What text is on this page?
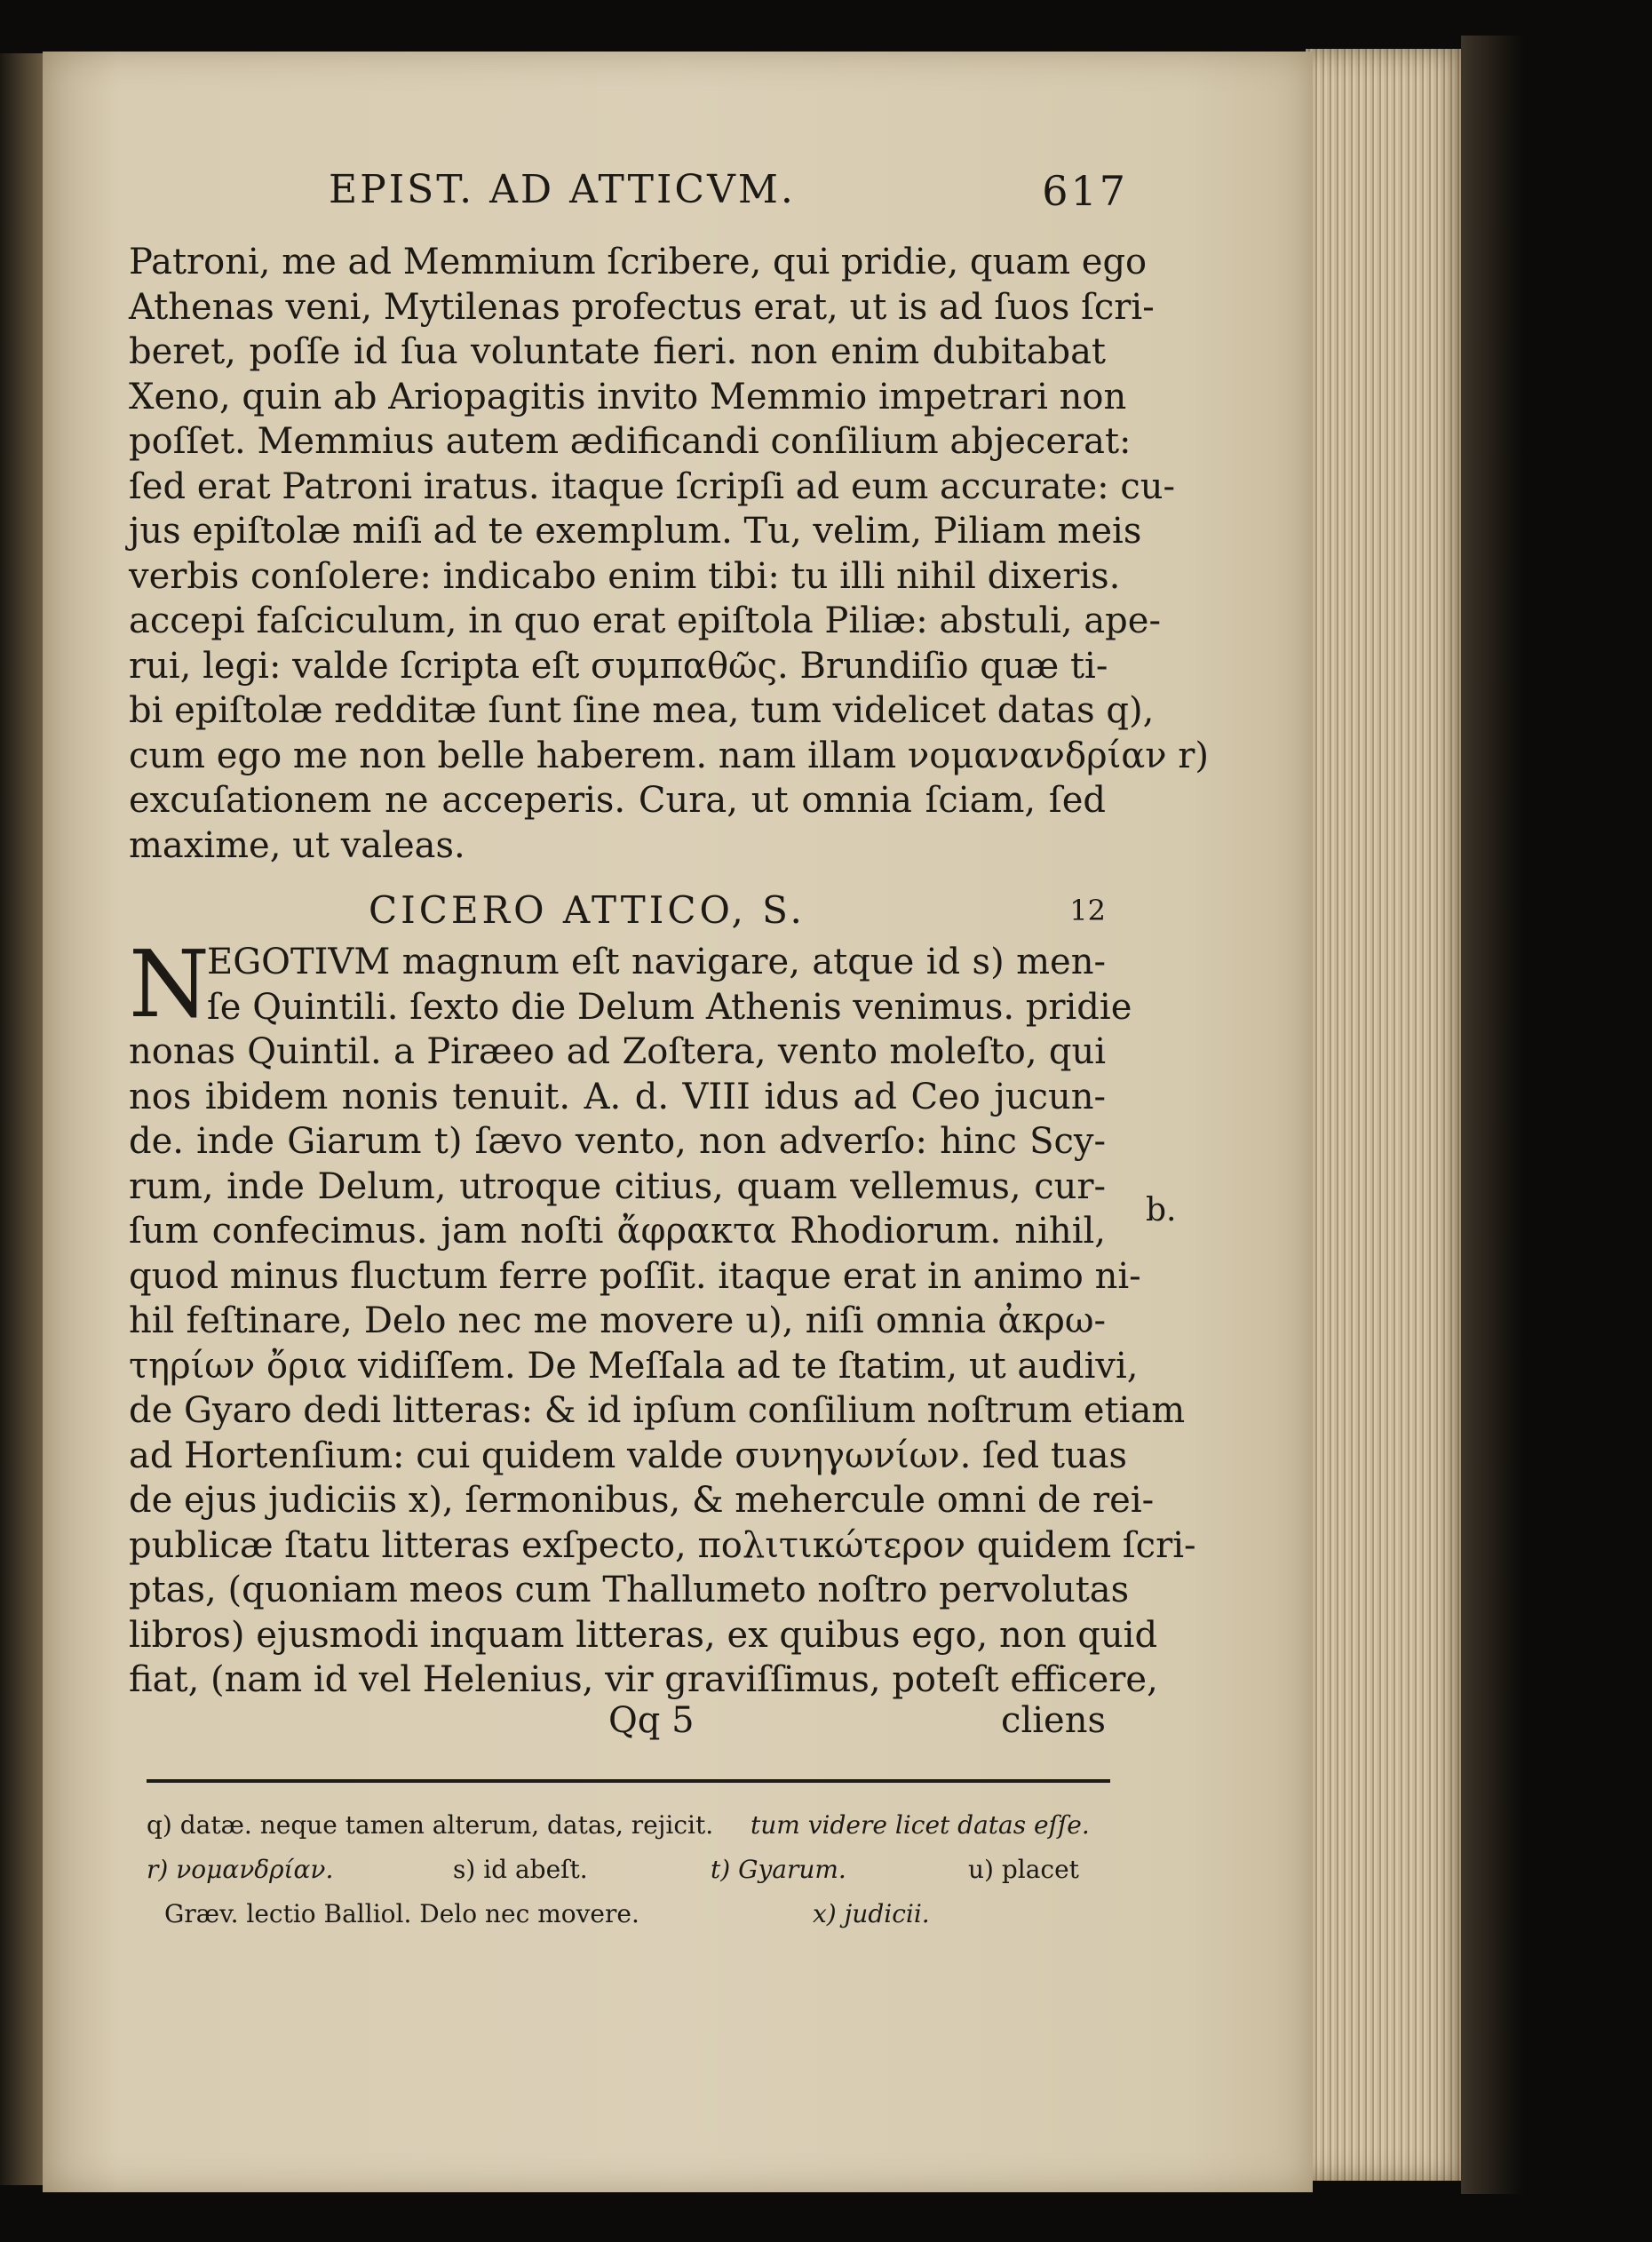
EPIST. AD ATTICVM.	617
Patroni, me ad Memmium ſcribere, qui pridie, quam ego
Athenas veni, Mytilenas profectus erat, ut is ad ſuos ſcri-
beret, poſſe id ſua voluntate fieri. non enim dubitabat
Xeno, quin ab Ariopagitis invito Memmio impetrari non
poſſet. Memmius autem ædificandi conſilium abjecerat:
ſed erat Patroni iratus. itaque ſcripſi ad eum accurate: cu-
jus epiſtolæ miſi ad te exemplum. Tu, velim, Piliam meis
verbis conſolere: indicabo enim tibi: tu illi nihil dixeris.
accepi faſciculum, in quo erat epiſtola Piliæ: abstuli, ape-
rui, legi: valde ſcripta eſt συμπαθῶς. Brundiſio quæ ti-
bi epiſtolæ redditæ ſunt ſine mea, tum videlicet datas q),
cum ego me non belle haberem. nam illam νομανανδρίαν r)
excuſationem ne acceperis. Cura, ut omnia ſciam, ſed
maxime, ut valeas.
CICERO ATTICO, S.	12
N
EGOTIVM magnum eſt navigare, atque id s) men-
ſe Quintili. ſexto die Delum Athenis venimus. pridie
nonas Quintil. a Piræeo ad Zoſtera, vento moleſto, qui
nos ibidem nonis tenuit. A. d. VIII idus ad Ceo jucun-
de. inde Giarum t) ſævo vento, non adverſo: hinc Scy-
rum, inde Delum, utroque citius, quam vellemus, cur-
ſum confecimus. jam noſti ἄφρακτα Rhodiorum. nihil,
quod minus fluctum ferre poſſit. itaque erat in animo ni-
hil feſtinare, Delo nec me movere u), niſi omnia ἀκρω-
τηρίων ὄρια vidiſſem. De Meſſala ad te ſtatim, ut audivi,
de Gyaro dedi litteras: & id ipſum conſilium noſtrum etiam
ad Hortenſium: cui quidem valde συνηγωνίων. ſed tuas
de ejus judiciis x), ſermonibus, & mehercule omni de rei-
publicæ ſtatu litteras exſpecto, πολιτικώτερον quidem ſcri-
ptas, (quoniam meos cum Thallumeto noſtro pervolutas
libros) ejusmodi inquam litteras, ex quibus ego, non quid
fiat, (nam id vel Helenius, vir graviſſimus, poteſt efficere,
b.
Qq 5	cliens
q) datæ. neque tamen alterum, datas, rejicit. tum videre licet datas eſſe.
r) νομανδρίαν.	s) id abeſt.	t) Gyarum.	u) placet
Græv. lectio Balliol. Delo nec movere.	x) judicii.
